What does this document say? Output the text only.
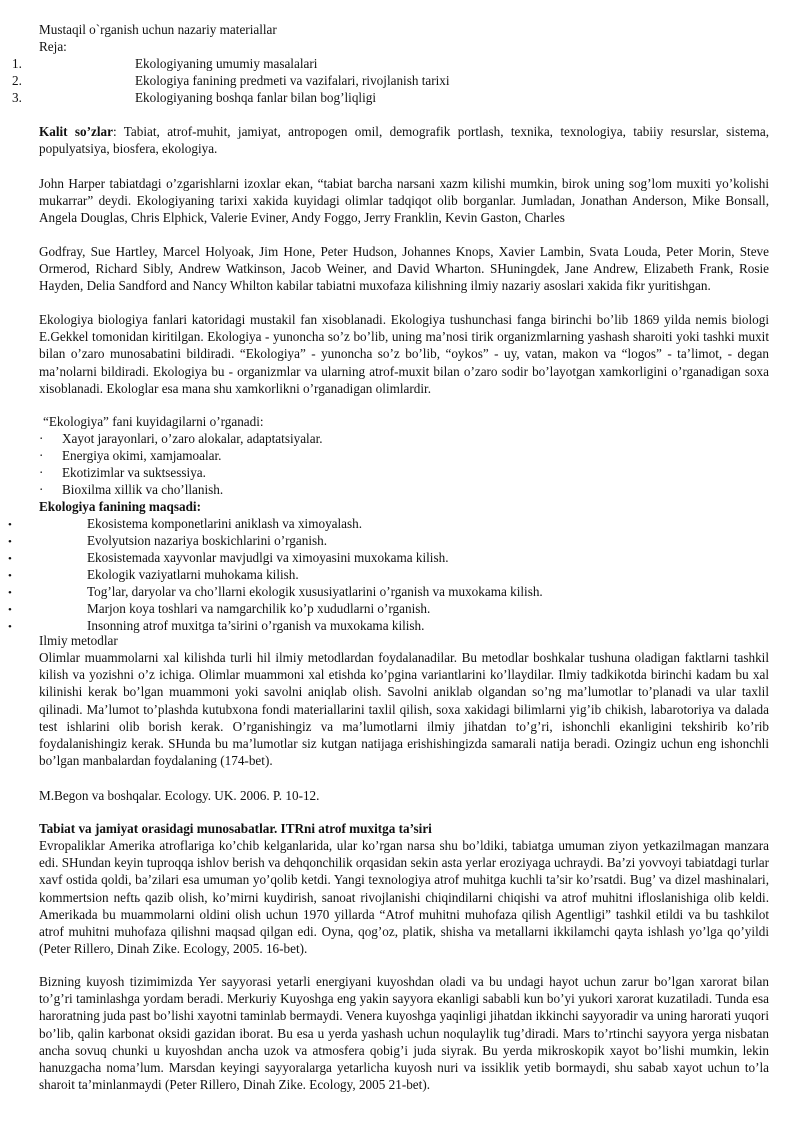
Mustaqil o`rganish uchun nazariy materiallar
Reja:
1.	Ekologiyaning umumiy masalalari
2.	Ekologiya fanining predmeti va vazifalari, rivojlanish tarixi
3.	Ekologiyaning boshqa fanlar bilan bog’liqligi

Kalit so’zlar: Tabiat, atrof-muhit, jamiyat, antropogen omil, demografik portlash, texnika, texnologiya, tabiiy resurslar, sistema, populyatsiya, biosfera, ekologiya.

John Harper tabiatdagi o’zgarishlarni izoxlar ekan, “tabiat barcha narsani xazm kilishi mumkin, birok uning sog’lom muxiti yo’kolishi mukarrar” deydi. Ekologiyaning tarixi xakida kuyidagi olimlar tadqiqot olib borganlar. Jumladan, Jonathan Anderson, Mike Bonsall, Angela Douglas, Chris Elphick, Valerie Eviner, Andy Foggo, Jerry Franklin, Kevin Gaston, Charles

Godfray, Sue Hartley, Marcel Holyoak, Jim Hone, Peter Hudson, Johannes Knops, Xavier Lambin, Svata Louda, Peter Morin, Steve Ormerod, Richard Sibly, Andrew Watkinson, Jacob Weiner, and David Wharton. SHuningdek, Jane Andrew, Elizabeth Frank, Rosie Hayden, Delia Sandford and Nancy Whilton kabilar tabiatni muxofaza kilishning ilmiy nazariy asoslari xakida fikr yuritishgan.

Ekologiya biologiya fanlari katoridagi mustakil fan xisoblanadi. Ekologiya tushunchasi fanga birinchi bo’lib 1869 yilda nemis biologi E.Gekkel tomonidan kiritilgan. Ekologiya - yunoncha so’z bo’lib, uning ma’nosi tirik organizmlarning yashash sharoiti yoki tashki muxit bilan o’zaro munosabatini bildiradi. “Ekologiya” - yunoncha so’z bo’lib, “oykos” - uy, vatan, makon va “logos” - ta’limot, - degan ma’nolarni bildiradi. Ekologiya bu - organizmlar va ularning atrof-muxit bilan o’zaro sodir bo’layotgan xamkorligini o’rganadigan soxa xisoblanadi. Ekologlar esa mana shu xamkorlikni o’rganadigan olimlardir.

“Ekologiya” fani kuyidagilarni o’rganadi:
· Xayot jarayonlari, o’zaro alokalar, adaptatsiyalar.
· Energiya okimi, xamjamoalar.
· Ekotizimlar va suktsessiya.
· Bioxilma xillik va cho’llanish.
Ekologiya fanining maqsadi:
•	Ekosistema komponetlarini aniklash va ximoyalash.
•	Evolyutsion nazariya boskichlarini o’rganish.
•	Ekosistemada xayvonlar mavjudlgi va ximoyasini muxokama kilish.
•	Ekologik vaziyatlarni muhokama kilish.
•	Tog’lar, daryolar va cho’llarni ekologik xususiyatlarini o’rganish va muxokama kilish.
•	Marjon koya toshlari va namgarchilik ko’p xududlarni o’rganish.
•	Insonning atrof muxitga ta’sirini o’rganish va muxokama kilish.
Ilmiy metodlar

Olimlar muammolarni xal kilishda turli hil ilmiy metodlardan foydalanadilar. Bu metodlar boshkalar tushuna oladigan faktlarni tashkil kilish va yozishni o’z ichiga. Olimlar muammoni xal etishda ko’pgina variantlarini ko’llaydilar. Ilmiy tadkikotda birinchi kadam bu xal kilinishi kerak bo’lgan muammoni yoki savolni aniqlab olish. Savolni aniklab olgandan so’ng ma’lumotlar to’planadi va ular taxlil qilinadi. Ma’lumot to’plashda kutubxona fondi materiallarini taxlil qilish, soxa xakidagi bilimlarni yig’ib chikish, labarotoriya va dalada test ishlarini olib borish kerak. O’rganishingiz va ma’lumotlarni ilmiy jihatdan to’g’ri, ishonchli ekanligini tekshirib ko’rib foydalanishingiz kerak. SHunda bu ma’lumotlar siz kutgan natijaga erishishingizda samarali natija beradi. Ozingiz uchun eng ishonchli bo’lgan manbalardan foydalaning (174-bet).

M.Begon va boshqalar. Ecology. UK. 2006. P. 10-12.
Tabiat va jamiyat orasidagi munosabatlar. ITRni atrof muxitga ta’siri

Evropaliklar Amerika atroflariga ko’chib kelganlarida, ular ko’rgan narsa shu bo’ldiki, tabiatga umuman ziyon yetkazilmagan manzara edi. SHundan keyin tuproqqa ishlov berish va dehqonchilik orqasidan sekin asta yerlar eroziyaga uchraydi. Ba’zi yovvoyi tabiatdagi turlar xavf ostida qoldi, ba’zilari esa umuman yo’qolib ketdi. Yangi texnologiya atrof muhitga kuchli ta’sir ko’rsatdi. Bug’ va dizel mashinalari, kommertsion neftь qazib olish, ko’mirni kuydirish, sanoat rivojlanishi chiqindilarni chiqishi va atrof muhitni ifloslanishiga olib keldi. Amerikada bu muammolarni oldini olish uchun 1970 yillarda “Atrof muhitni muhofaza qilish Agentligi” tashkil etildi va bu tashkilot atrof muhitni muhofaza qilishni maqsad qilgan edi. Oyna, qog’oz, platik, shisha va metallarni ikkilamchi qayta ishlash yo’lga qo’yildi (Peter Rillero, Dinah Zike. Ecology, 2005. 16-bet).

Bizning kuyosh tizimimizda Yer sayyorasi yetarli energiyani kuyoshdan oladi va bu undagi hayot uchun zarur bo’lgan xarorat bilan to’g’ri taminlashga yordam beradi. Merkuriy Kuyoshga eng yakin sayyora ekanligi sababli kun bo’yi yukori xarorat kuzatiladi. Tunda esa haroratning juda past bo’lishi xayotni taminlab bermaydi. Venera kuyoshga yaqinligi jihatdan ikkinchi sayyoradir va uning harorati yuqori bo’lib, qalin karbonat oksidi gazidan iborat. Bu esa u yerda yashash uchun noqulaylik tug’diradi. Mars to’rtinchi sayyora yerga nisbatan ancha sovuq chunki u kuyoshdan ancha uzok va atmosfera qobig’i juda siyrak. Bu yerda mikroskopik xayot bo’lishi mumkin, lekin hanuzgacha noma’lum. Marsdan keyingi sayyoralarga yetarlicha kuyosh nuri va issiklik yetib bormaydi, shu sabab xayot uchun to’la sharoit ta’minlanmaydi (Peter Rillero, Dinah Zike. Ecology, 2005 21-bet).
